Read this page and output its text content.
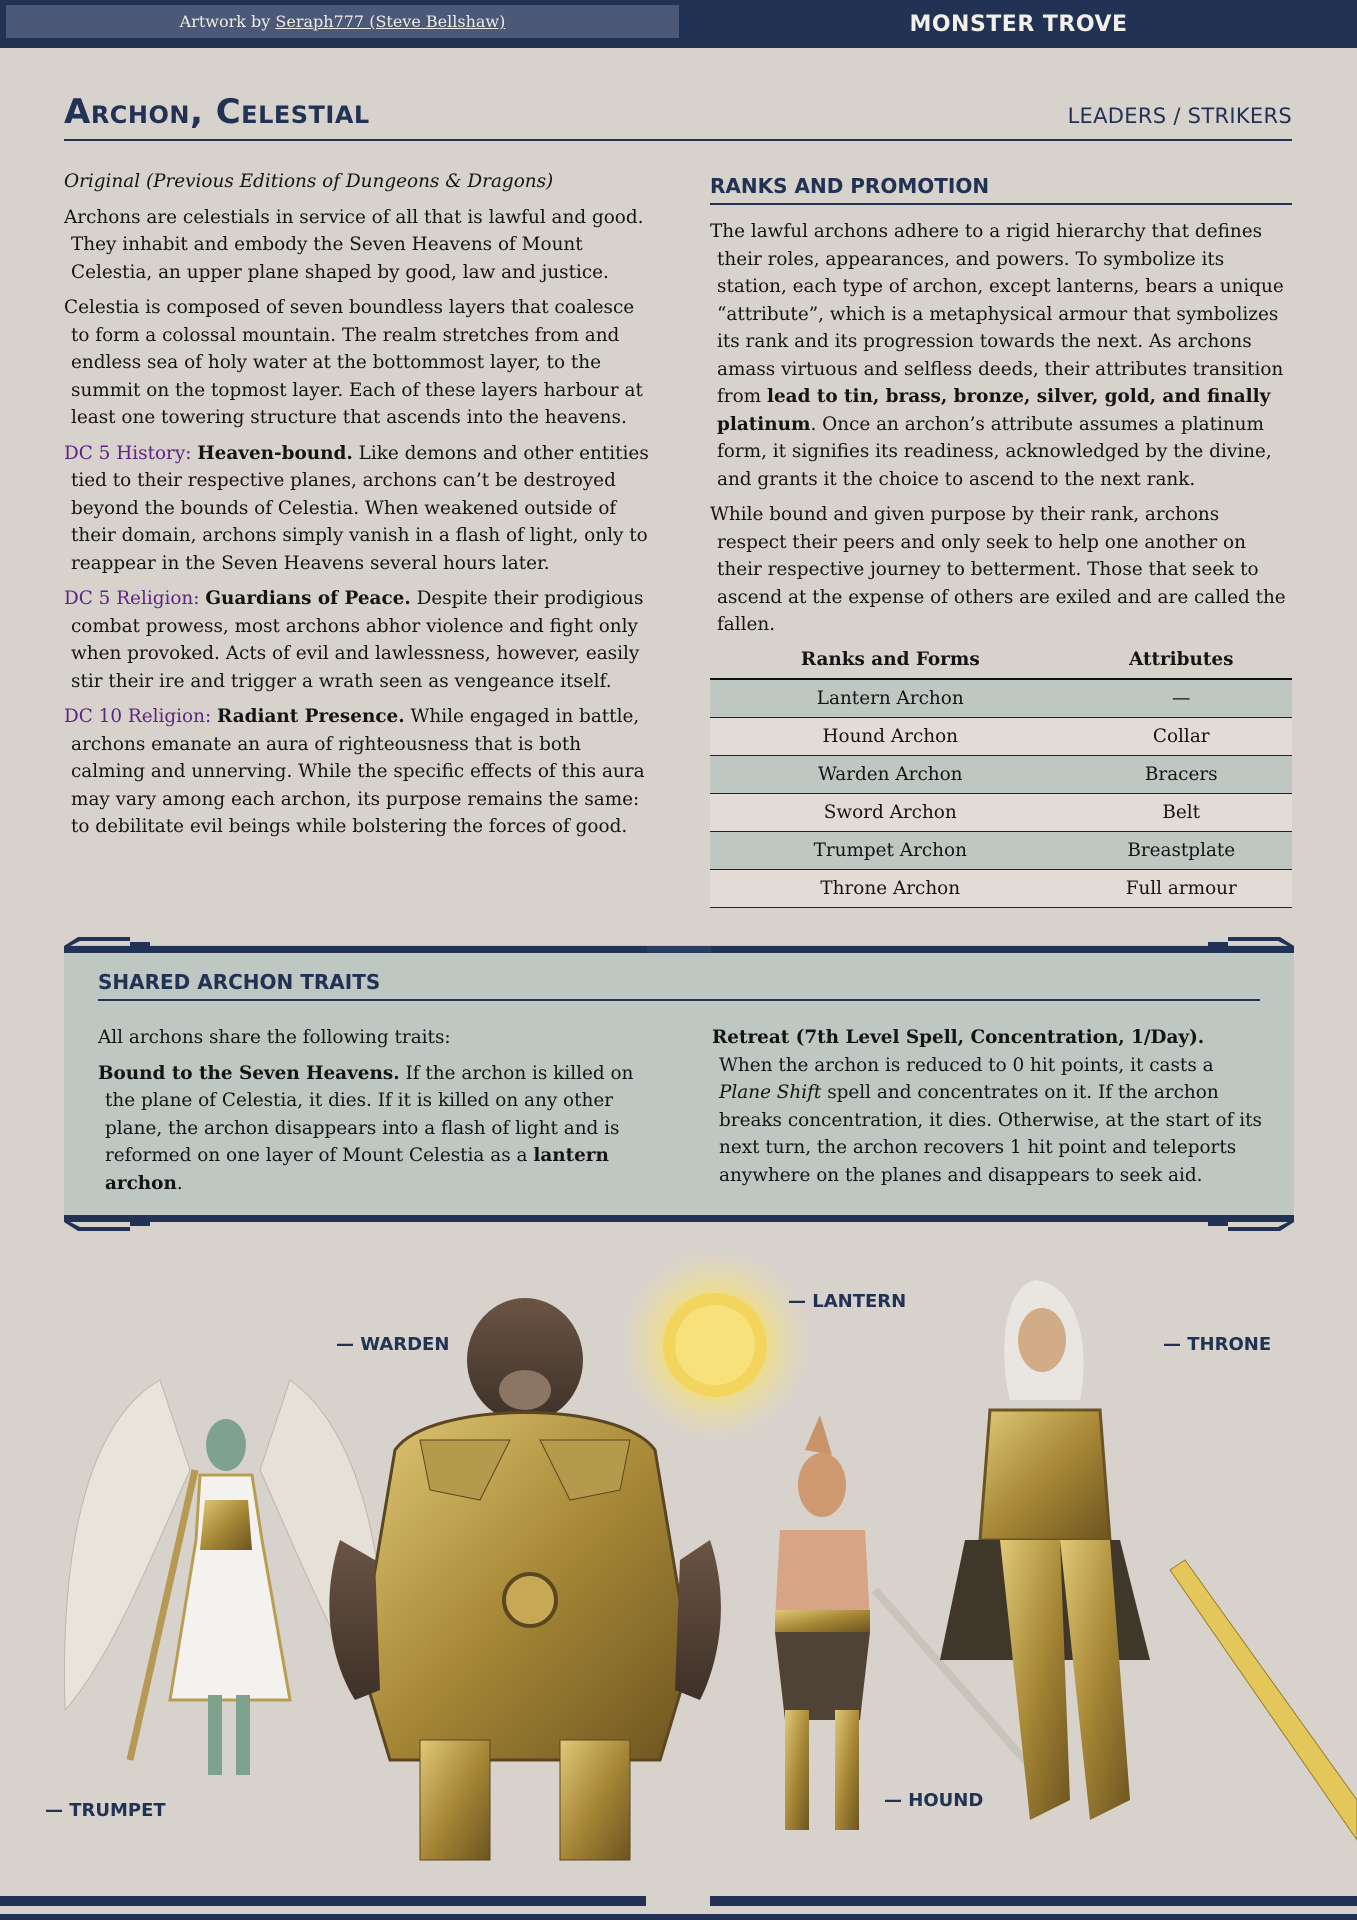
Artwork by Seraph777 (Steve Bellshaw)	MONSTER TROVE
Archon, Celestial	LEADERS / STRIKERS

Original (Previous Editions of Dungeons & Dragons)

Archons are celestials in service of all that is lawful and good. They inhabit and embody the Seven Heavens of Mount Celestia, an upper plane shaped by good, law and justice.

Celestia is composed of seven boundless layers that coalesce to form a colossal mountain. The realm stretches from and endless sea of holy water at the bottommost layer, to the summit on the topmost layer. Each of these layers harbour at least one towering structure that ascends into the heavens.

DC 5 History: Heaven-bound. Like demons and other entities tied to their respective planes, archons can’t be destroyed beyond the bounds of Celestia. When weakened outside of their domain, archons simply vanish in a flash of light, only to reappear in the Seven Heavens several hours later.

DC 5 Religion: Guardians of Peace. Despite their prodigious combat prowess, most archons abhor violence and fight only when provoked. Acts of evil and lawlessness, however, easily stir their ire and trigger a wrath seen as vengeance itself.

DC 10 Religion: Radiant Presence. While engaged in battle, archons emanate an aura of righteousness that is both calming and unnerving. While the specific effects of this aura may vary among each archon, its purpose remains the same: to debilitate evil beings while bolstering the forces of good.

RANKS AND PROMOTION

The lawful archons adhere to a rigid hierarchy that defines their roles, appearances, and powers. To symbolize its station, each type of archon, except lanterns, bears a unique “attribute”, which is a metaphysical armour that symbolizes its rank and its progression towards the next. As archons amass virtuous and selfless deeds, their attributes transition from lead to tin, brass, bronze, silver, gold, and finally platinum. Once an archon’s attribute assumes a platinum form, it signifies its readiness, acknowledged by the divine, and grants it the choice to ascend to the next rank.

While bound and given purpose by their rank, archons respect their peers and only seek to help one another on their respective journey to betterment. Those that seek to ascend at the expense of others are exiled and are called the fallen.

Ranks and Forms	Attributes
Lantern Archon	—
Hound Archon	Collar
Warden Archon	Bracers
Sword Archon	Belt
Trumpet Archon	Breastplate
Throne Archon	Full armour
SHARED ARCHON TRAITS

All archons share the following traits:

Bound to the Seven Heavens. If the archon is killed on the plane of Celestia, it dies. If it is killed on any other plane, the archon disappears into a flash of light and is reformed on one layer of Mount Celestia as a lantern archon.

Retreat (7th Level Spell, Concentration, 1/Day). When the archon is reduced to 0 hit points, it casts a Plane Shift spell and concentrates on it. If the archon breaks concentration, it dies. Otherwise, at the start of its next turn, the archon recovers 1 hit point and teleports anywhere on the planes and disappears to seek aid.

— WARDEN
— LANTERN
— THRONE
— TRUMPET	— HOUND
